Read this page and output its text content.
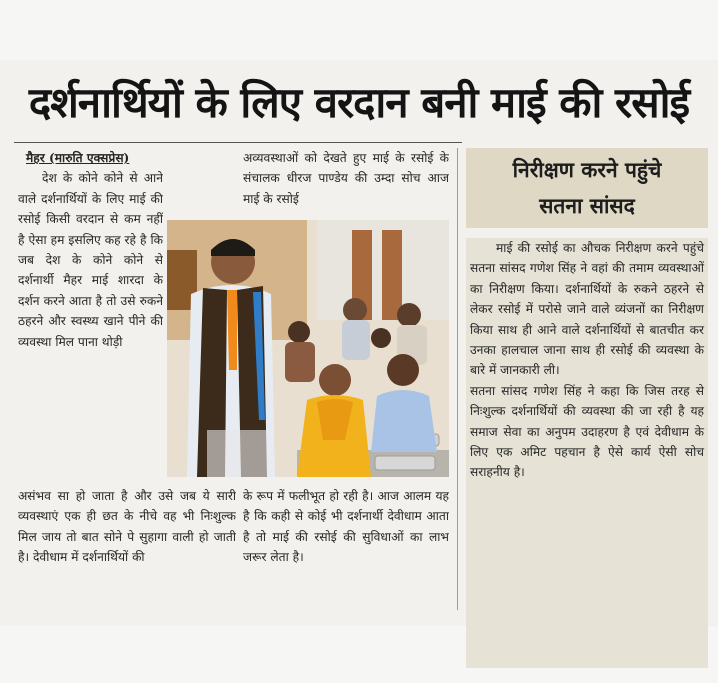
दर्शनार्थियों के लिए वरदान बनी माई की रसोई
मैहर (मारुति एक्सप्रेस)
देश के कोने कोने से आने वाले दर्शनार्थियों के लिए माई की रसोई किसी वरदान से कम नहीं है ऐसा हम इसलिए कह रहे है कि जब देश के कोने कोने से दर्शनार्थी मैहर माई शारदा के दर्शन करने आता है तो उसे रुकने ठहरने और स्वस्थ्य खाने पीने की व्यवस्था मिल पाना थोड़ी
अव्यवस्थाओं को देखते हुए माई के रसोई के संचालक धीरज पाण्डेय की उम्दा सोच आज माई के रसोई
असंभव सा हो जाता है और उसे जब ये सारी व्यवस्थाएं एक ही छत के नीचे वह भी निःशुल्क मिल जाय तो बात सोने पे सुहागा वाली हो जाती है। देवीधाम में दर्शनार्थियों की
के रूप में फलीभूत हो रही है। आज आलम यह है कि कही से कोई भी दर्शनार्थी देवीधाम आता है तो माई की रसोई की सुविधाओं का लाभ जरूर लेता है।
निरीक्षण करने पहुंचे
सतना सांसद
माई की रसोई का औचक निरीक्षण करने पहुंचे सतना सांसद गणेश सिंह ने वहां की तमाम व्यवस्थाओं का निरीक्षण किया। दर्शनार्थियों के रुकने ठहरने से लेकर रसोई में परोसे जाने वाले व्यंजनों का निरीक्षण किया साथ ही आने वाले दर्शनार्थियों से बातचीत कर उनका हालचाल जाना साथ ही रसोई की व्यवस्था के बारे में जानकारी ली।
सतना सांसद गणेश सिंह ने कहा कि जिस तरह से निःशुल्क दर्शनार्थियों की व्यवस्था की जा रही है यह समाज सेवा का अनुपम उदाहरण है एवं देवीधाम के लिए एक अमिट पहचान है ऐसे कार्य ऐसी सोच सराहनीय है।
